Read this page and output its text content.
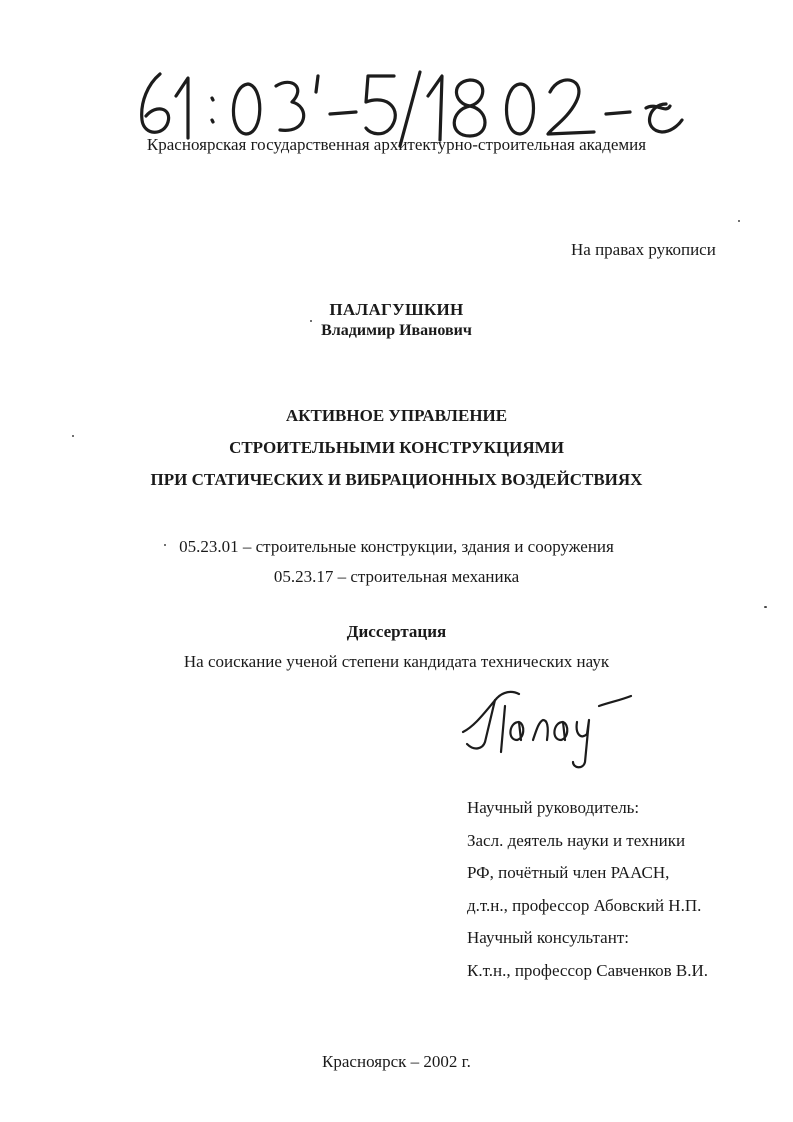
Красноярская государственная архитектурно-строительная академия

На правах рукописи

ПАЛАГУШКИН

Владимир Иванович

АКТИВНОЕ УПРАВЛЕНИЕ

СТРОИТЕЛЬНЫМИ КОНСТРУКЦИЯМИ

ПРИ СТАТИЧЕСКИХ И ВИБРАЦИОННЫХ ВОЗДЕЙСТВИЯХ

05.23.01 – строительные конструкции, здания и сооружения

05.23.17 – строительная механика

Диссертация

На соискание ученой степени кандидата технических наук

Научный руководитель:
Засл. деятель науки и техники
РФ, почётный член РААСН,
д.т.н., профессор Абовский Н.П.
Научный консультант:
К.т.н., профессор Савченков В.И.

Красноярск – 2002 г.
